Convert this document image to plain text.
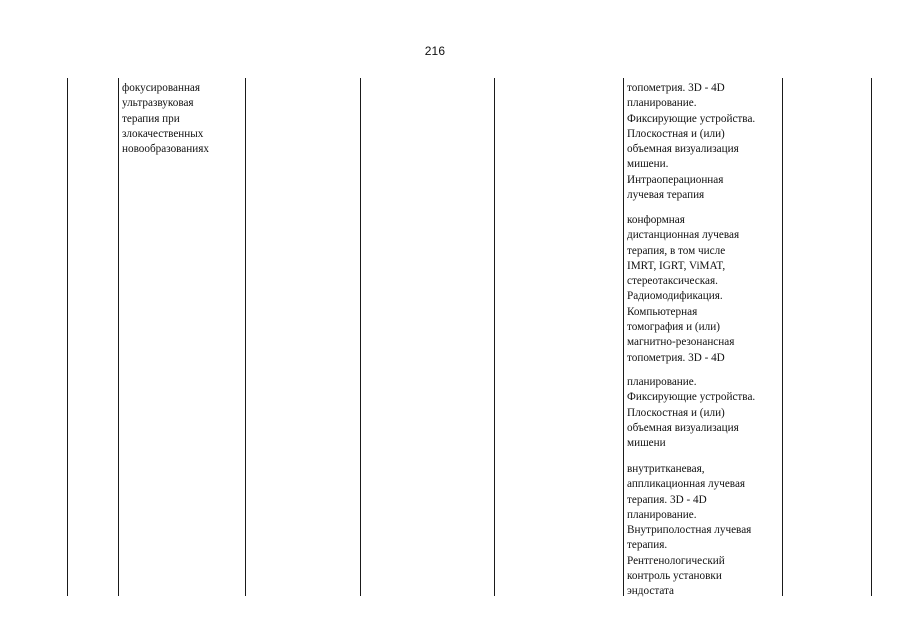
216
фокусированная
ультразвуковая
терапия при
злокачественных
новообразованиях
топометрия. 3D - 4D
планирование.
Фиксирующие устройства.
Плоскостная и (или)
объемная визуализация
мишени.
Интраоперационная
лучевая терапия
конформная
дистанционная лучевая
терапия, в том числе
IMRT, IGRT, ViMAT,
стереотаксическая.
Радиомодификация.
Компьютерная
томография и (или)
магнитно-резонансная
топометрия. 3D - 4D
планирование.
Фиксирующие устройства.
Плоскостная и (или)
объемная визуализация
мишени
внутритканевая,
аппликационная лучевая
терапия. 3D - 4D
планирование.
Внутриполостная лучевая
терапия.
Рентгенологический
контроль установки
эндостата
